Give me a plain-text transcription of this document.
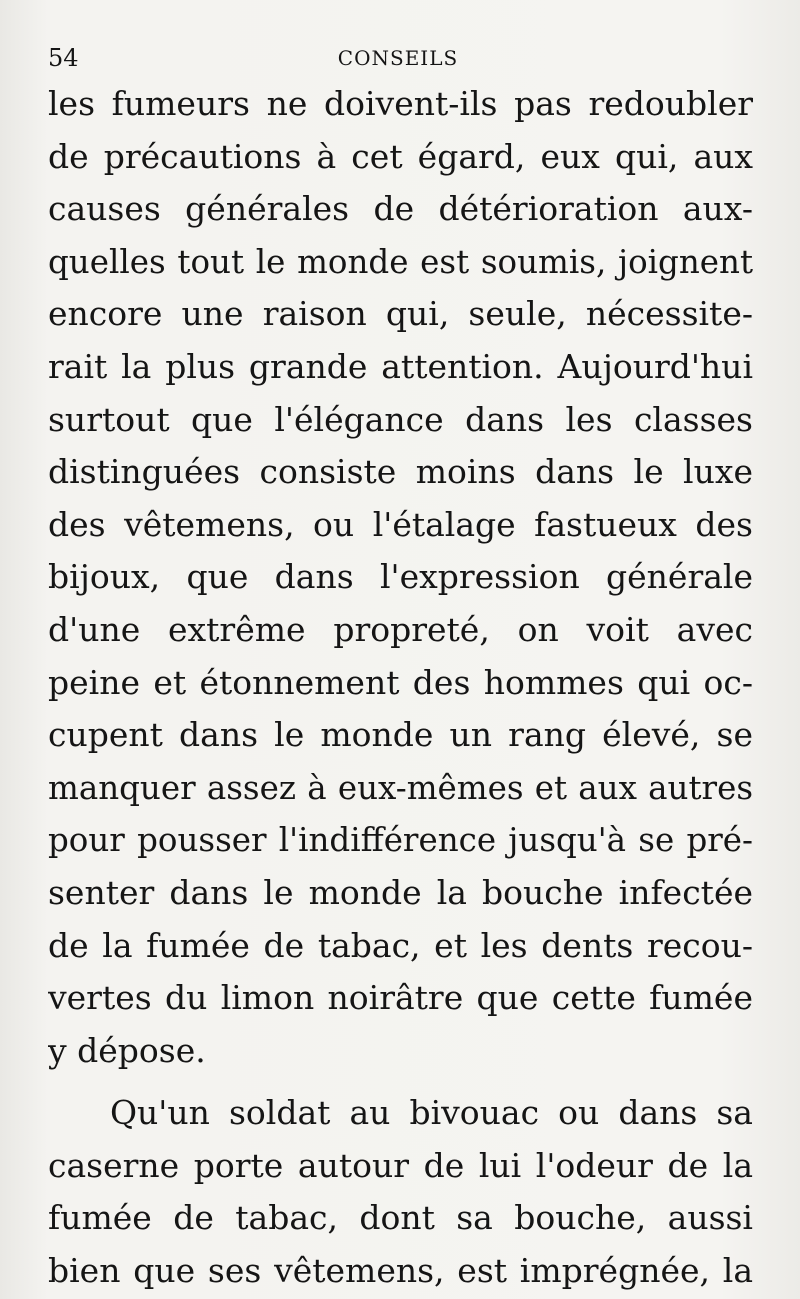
54	CONSEILS
les fumeurs ne doivent-ils pas redoubler
de précautions à cet égard, eux qui, aux
causes générales de détérioration aux-
quelles tout le monde est soumis, joignent
encore une raison qui, seule, nécessite-
rait la plus grande attention. Aujourd'hui
surtout que l'élégance dans les classes
distinguées consiste moins dans le luxe
des vêtemens, ou l'étalage fastueux des
bijoux, que dans l'expression générale
d'une extrême propreté, on voit avec
peine et étonnement des hommes qui oc-
cupent dans le monde un rang élevé, se
manquer assez à eux-mêmes et aux autres
pour pousser l'indifférence jusqu'à se pré-
senter dans le monde la bouche infectée
de la fumée de tabac, et les dents recou-
vertes du limon noirâtre que cette fumée
y dépose.
Qu'un soldat au bivouac ou dans sa
caserne porte autour de lui l'odeur de la
fumée de tabac, dont sa bouche, aussi
bien que ses vêtemens, est imprégnée, la
